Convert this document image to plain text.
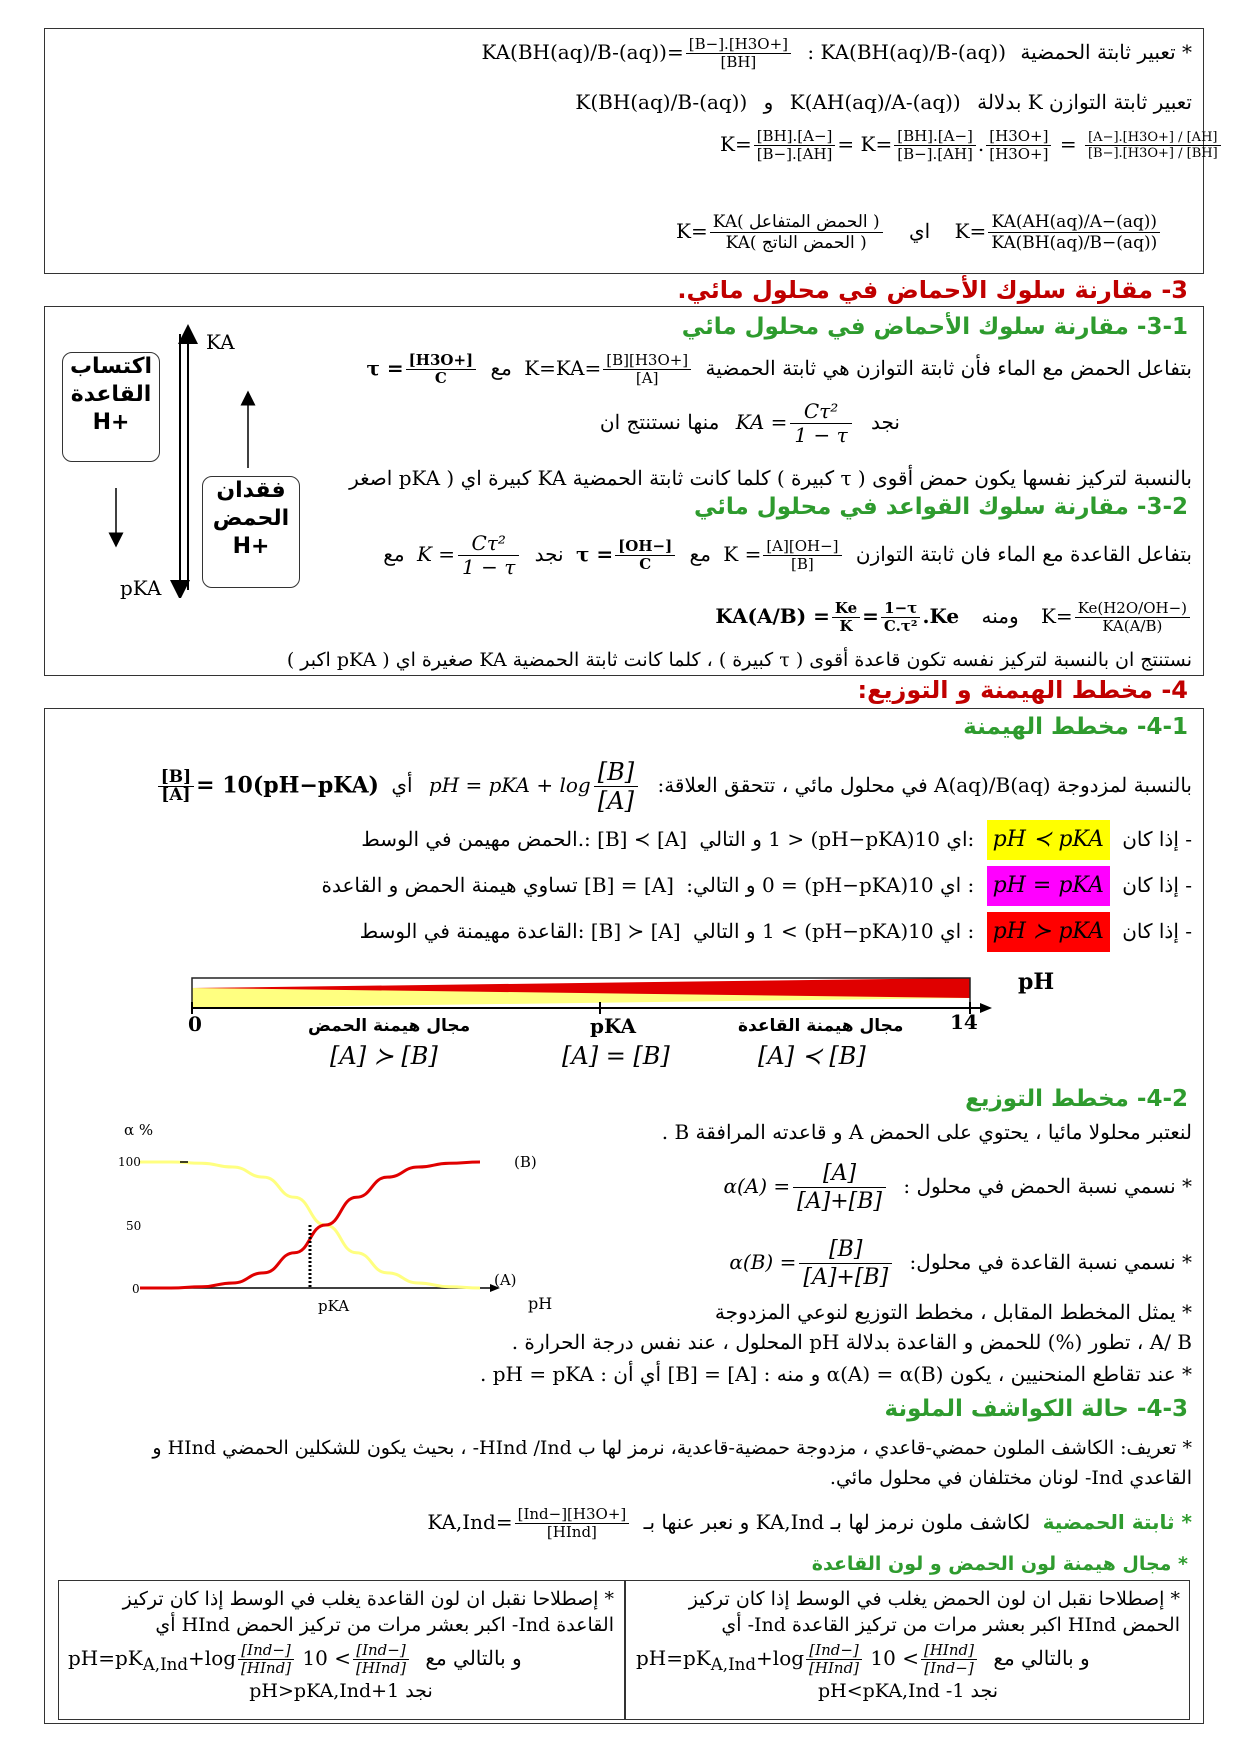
* تعبير ثابتة الحمضية KA(BH(aq)/B-(aq)) : $KA(BH(aq)/B-(aq))= \frac{[B-].[H3O+]}{[BH]}$
تعبير ثابتة التوازن K بدلالة K(AH(aq)/A-(aq)) و K(BH(aq)/B-(aq))
$K= \frac{[BH].[A-]}{[B-].[AH]} = K= \frac{[BH].[A-]}{[B-].[AH]}$ . $\frac{[H3O+]}{[H3O+]} = \frac{[A-].[H3O+] / [AH]}{[B-].[H3O+] / [BH]}$
$K= \frac{\text{KA( الحمض المتفاعل )}}{\text{KA( الحمض الناتج )}}$ اي $K= \frac{KA(AH(aq)/A-(aq))}{KA(BH(aq)/B-(aq))}$
3- مقارنة سلوك الأحماض في محلول مائي.
3-1- مقارنة سلوك الأحماض في محلول مائي
بتفاعل الحمض مع الماء فأن ثابتة التوازن هي ثابتة الحمضية $K=KA= \frac{[B][H3O+]}{[A]}$
مع $\tau = \frac{[H3O+]}{C}$
نجد KA = $\frac{\text{Cτ²}}{1 - \tau}$
منها نستنتج ان
بالنسبة لتركيز نفسها يكون حمض أقوى ( τ كبيرة ) كلما كانت ثابتة الحمضية KA كبيرة اي ( pKA اصغر
3-2- مقارنة سلوك القواعد في محلول مائي
بتفاعل القاعدة مع الماء فان ثابتة التوازن $K = \frac{[A][OH-]}{[B]}$
مع $\tau = \frac{[OH-]}{C}$
نجد $K = \frac{\text{Cτ²}}{1 - \tau}$
مع
$K= \frac{Ke(H2O/OH-)}{KA(A/B)}$
ومنه $KA(A/B) = \frac{Ke}{K} = \frac{1-\tau}{\text{C.τ²}} .Ke$
نستنتج ان بالنسبة لتركيز نفسه تكون قاعدة أقوى ( τ كبيرة ) ، كلما كانت ثابتة الحمضية KA صغيرة اي ( pKA اكبر )
KA
pKA
اكتساب
القاعدة
H+
فقدان
الحمض
H+
4- مخطط الهيمنة و التوزيع:
4-1- مخطط الهيمنة
بالنسبة لمزدوجة A(aq)/B(aq) في محلول مائي ، تتحقق العلاقة: pH = pKA + $\log \frac{[B]}{[A]}$
أي
$\frac{[B]}{[A]} = 10(pH-pKA)$
- إذا كان pH ≺ pKA :اي 10(pH−pKA) < 1 و التالي [A] ≻ [B] :.الحمض مهيمن في الوسط
- إذا كان pH = pKA : اي 10(pH−pKA) = 0 و التالي: [A] = [B] تساوي هيمنة الحمض و القاعدة
- إذا كان pH ≻ pKA : اي 10(pH−pKA) > 1 و التالي [A] ≺ [B] :القاعدة مهيمنة في الوسط
pH
0	14
pKA
مجال هيمنة الحمض	مجال هيمنة القاعدة
[A] ≻ [B]	[A] = [B]	[A] ≺ [B]
4-2- مخطط التوزيع
لنعتبر محلولا مائيا ، يحتوي على الحمض A و قاعدته المرافقة B .
* نسمي نسبة الحمض في محلول : $\alpha(A) = \frac{[A]}{[A]+[B]}$
* نسمي نسبة القاعدة في محلول: $\alpha(B) = \frac{[B]}{[A]+[B]}$
* يمثل المخطط المقابل ، مخطط التوزيع لنوعي المزدوجة
A/ B ، تطور (%) للحمض و القاعدة بدلالة pH المحلول ، عند نفس درجة الحرارة .
* عند تقاطع المنحنيين ، يكون α(A) = α(B) و منه : [A] = [B] أي أن : pH = pKA .
α %
100
50
0
pH
pKA
(A)
(B)
4-3- حالة الكواشف الملونة
* تعريف: الكاشف الملون حمضي-قاعدي ، مزدوجة حمضية-قاعدية، نرمز لها ب HInd /Ind- ، بحيث يكون للشكلين الحمضي HInd و
القاعدي Ind- لونان مختلفان في محلول مائي.
* ثابتة الحمضية لكاشف ملون نرمز لها بـ KA,Ind و نعبر عنها بـ $KA,Ind= \frac{\text{[Ind−][H3O+]}}{\text{[HInd]}}$
* مجال هيمنة لون الحمض و لون القاعدة
* إصطلاحا نقبل ان لون الحمض يغلب في الوسط إذا كان تركيز
الحمض HInd اكبر بعشر مرات من تركيز القاعدة Ind- أي
$pH=pK_{A,Ind}+\log \frac{\text{[Ind−]}}{\text{[HInd]}}$	و بالتالي مع
$\frac{\text{[HInd]}}{\text{[Ind−]}}$
> 10
نجد pH<pKA,Ind -1
* إصطلاحا نقبل ان لون القاعدة يغلب في الوسط إذا كان تركيز
القاعدة Ind- اكبر بعشر مرات من تركيز الحمض HInd أي
$pH=pK_{A,Ind}+\log \frac{\text{[Ind−]}}{\text{[HInd]}}$	و بالتالي مع
$\frac{\text{[Ind−]}}{\text{[HInd]}}$
> 10
نجد pH>pKA,Ind+1
